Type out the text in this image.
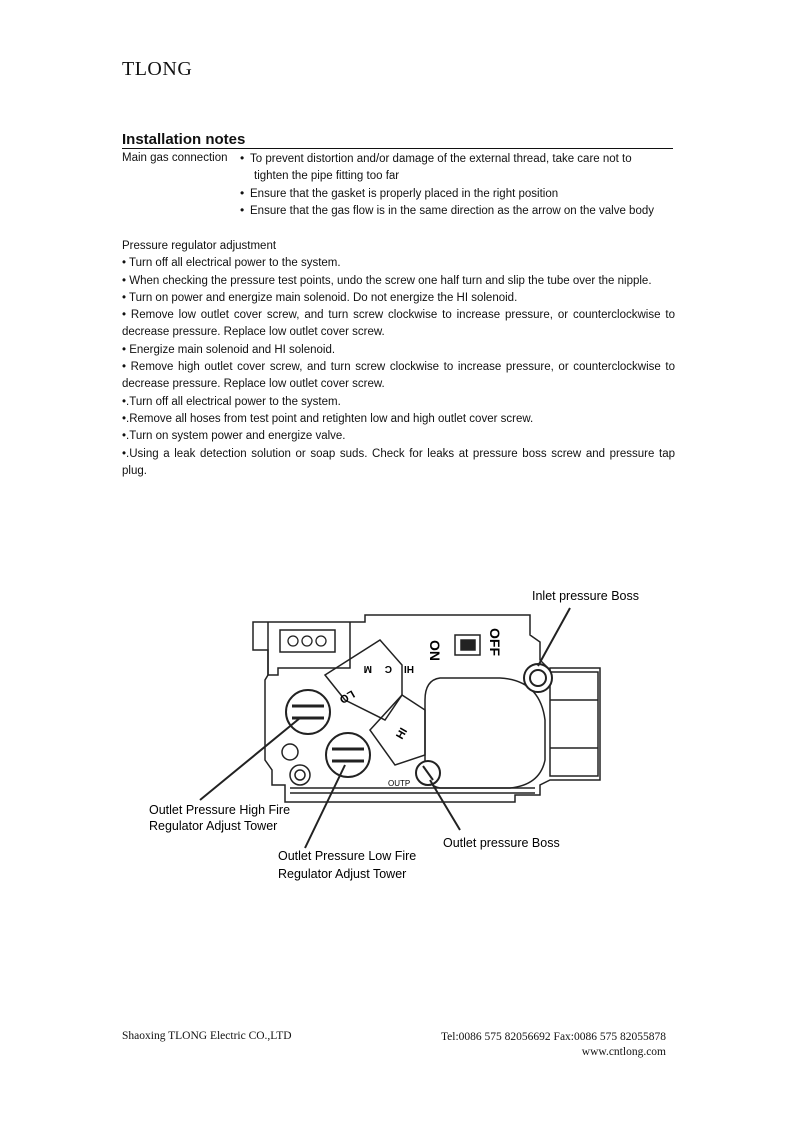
TLONG
Installation notes
Main gas connection
•	To prevent distortion and/or damage of the external thread, take care not to
tighten the pipe fitting too far
• Ensure that the gasket is properly placed in the right position
• Ensure that the gas flow is in the same direction as the arrow on the valve body

Pressure regulator adjustment

• Turn off all electrical power to the system.

• When checking the pressure test points, undo the screw one half turn and slip the tube over the nipple.

• Turn on power and energize main solenoid. Do not energize the HI solenoid.

• Remove low outlet cover screw, and turn screw clockwise to increase pressure, or counterclockwise to decrease pressure. Replace low outlet cover screw.

• Energize main solenoid and HI solenoid.

• Remove high outlet cover screw, and turn screw clockwise to increase pressure, or counterclockwise to decrease pressure. Replace low outlet cover screw.

•.Turn off all electrical power to the system.

•.Remove all hoses from test point and retighten low and high outlet cover screw.

•.Turn on system power and energize valve.

•.Using a leak detection solution or soap suds. Check for leaks at pressure boss screw and pressure tap plug.

ON	OFF
LO
HI
M C HI
OUTP
Inlet pressure Boss
Outlet Pressure High Fire
Regulator Adjust Tower
Outlet Pressure Low Fire
Regulator Adjust Tower
Outlet pressure Boss
Shaoxing TLONG Electric CO.,LTD	Tel:0086 575 82056692 Fax:0086 575 82055878
www.cntlong.com
